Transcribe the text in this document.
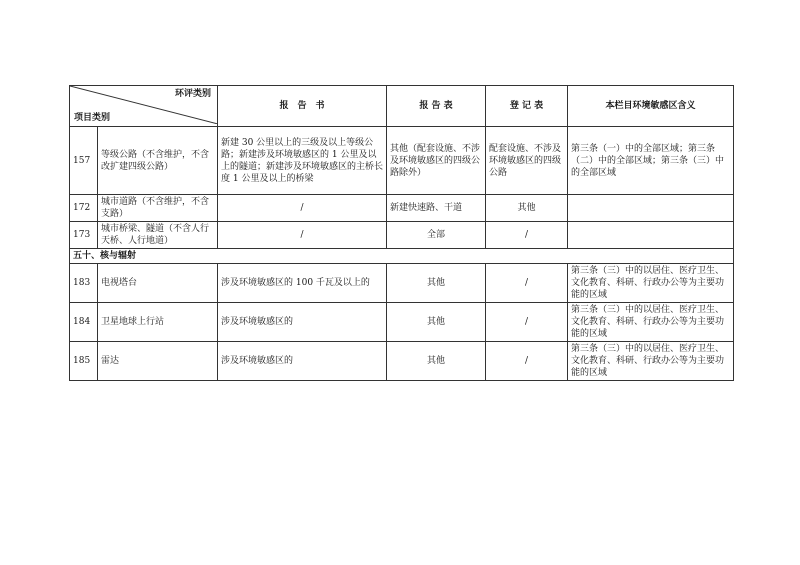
环评类别
项目类别		报　告　书	报 告 表	登 记 表	本栏目环境敏感区含义
157	等级公路（不含维护，不含改扩建四级公路）	新建 30 公里以上的三级及以上等级公路；新建涉及环境敏感区的 1 公里及以上的隧道；新建涉及环境敏感区的主桥长度 1 公里及以上的桥梁	其他（配套设施、不涉及环境敏感区的四级公路除外）	配套设施、不涉及环境敏感区的四级公路	第三条（一）中的全部区域；第三条（二）中的全部区域；第三条（三）中的全部区域
172	城市道路（不含维护，不含支路）	/	新建快速路、干道	其他	
173	城市桥梁、隧道（不含人行天桥、人行地道）	/	全部	/	
五十、核与辐射					
183	电视塔台	涉及环境敏感区的 100 千瓦及以上的	其他	/	第三条（三）中的以居住、医疗卫生、文化教育、科研、行政办公等为主要功能的区域
184	卫星地球上行站	涉及环境敏感区的	其他	/	第三条（三）中的以居住、医疗卫生、文化教育、科研、行政办公等为主要功能的区域
185	雷达	涉及环境敏感区的	其他	/	第三条（三）中的以居住、医疗卫生、文化教育、科研、行政办公等为主要功能的区域
